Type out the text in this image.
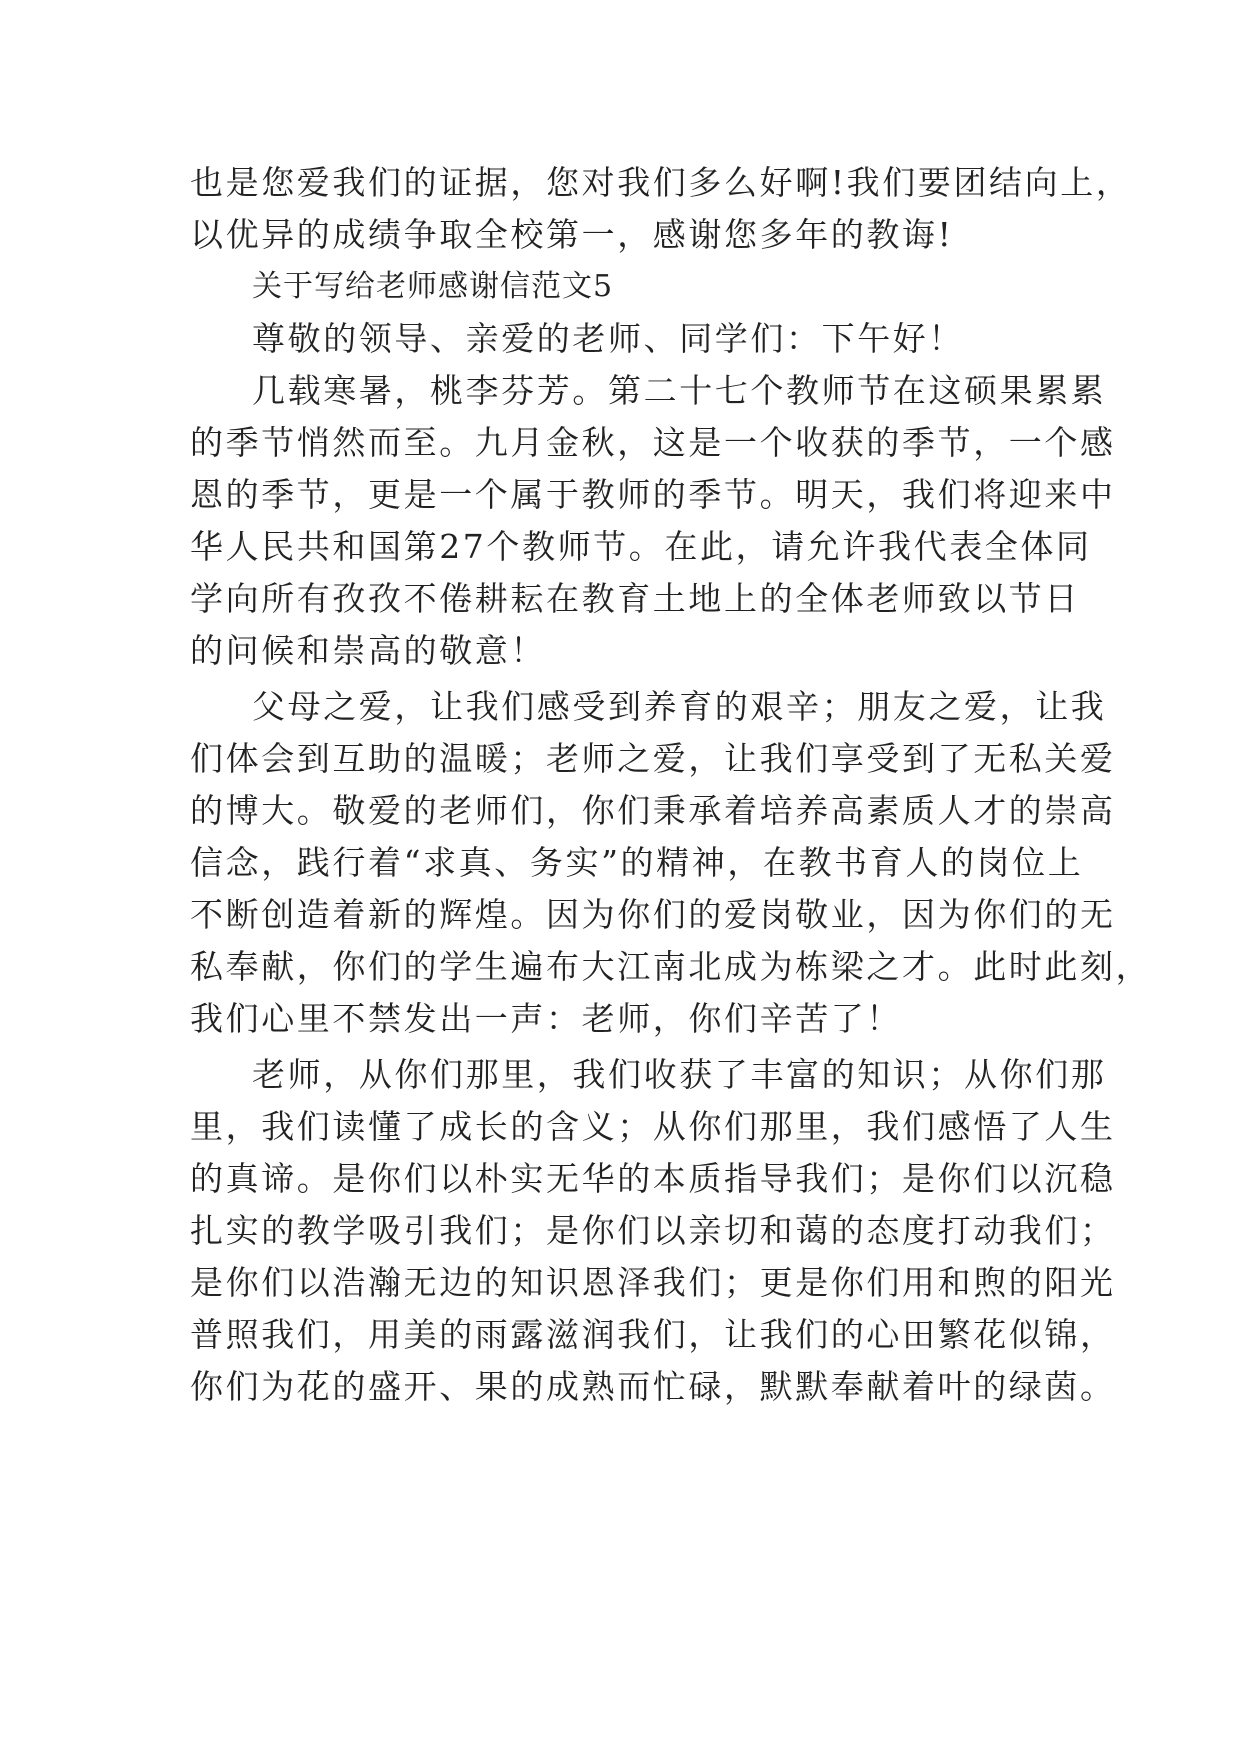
也是您爱我们的证据，您对我们多么好啊!我们要团结向上，
以优异的成绩争取全校第一，感谢您多年的教诲!
关于写给老师感谢信范文5
尊敬的领导、亲爱的老师、同学们：下午好！
几载寒暑，桃李芬芳。第二十七个教师节在这硕果累累
的季节悄然而至。九月金秋，这是一个收获的季节，一个感
恩的季节，更是一个属于教师的季节。明天，我们将迎来中
华人民共和国第27个教师节。在此，请允许我代表全体同
学向所有孜孜不倦耕耘在教育土地上的全体老师致以节日
的问候和崇高的敬意！
父母之爱，让我们感受到养育的艰辛；朋友之爱，让我
们体会到互助的温暖；老师之爱，让我们享受到了无私关爱
的博大。敬爱的老师们，你们秉承着培养高素质人才的崇高
信念，践行着“求真、务实”的精神，在教书育人的岗位上
不断创造着新的辉煌。因为你们的爱岗敬业，因为你们的无
私奉献，你们的学生遍布大江南北成为栋梁之才。此时此刻，
我们心里不禁发出一声：老师，你们辛苦了！
老师，从你们那里，我们收获了丰富的知识；从你们那
里，我们读懂了成长的含义；从你们那里，我们感悟了人生
的真谛。是你们以朴实无华的本质指导我们；是你们以沉稳
扎实的教学吸引我们；是你们以亲切和蔼的态度打动我们；
是你们以浩瀚无边的知识恩泽我们；更是你们用和煦的阳光
普照我们，用美的雨露滋润我们，让我们的心田繁花似锦，
你们为花的盛开、果的成熟而忙碌，默默奉献着叶的绿茵。
